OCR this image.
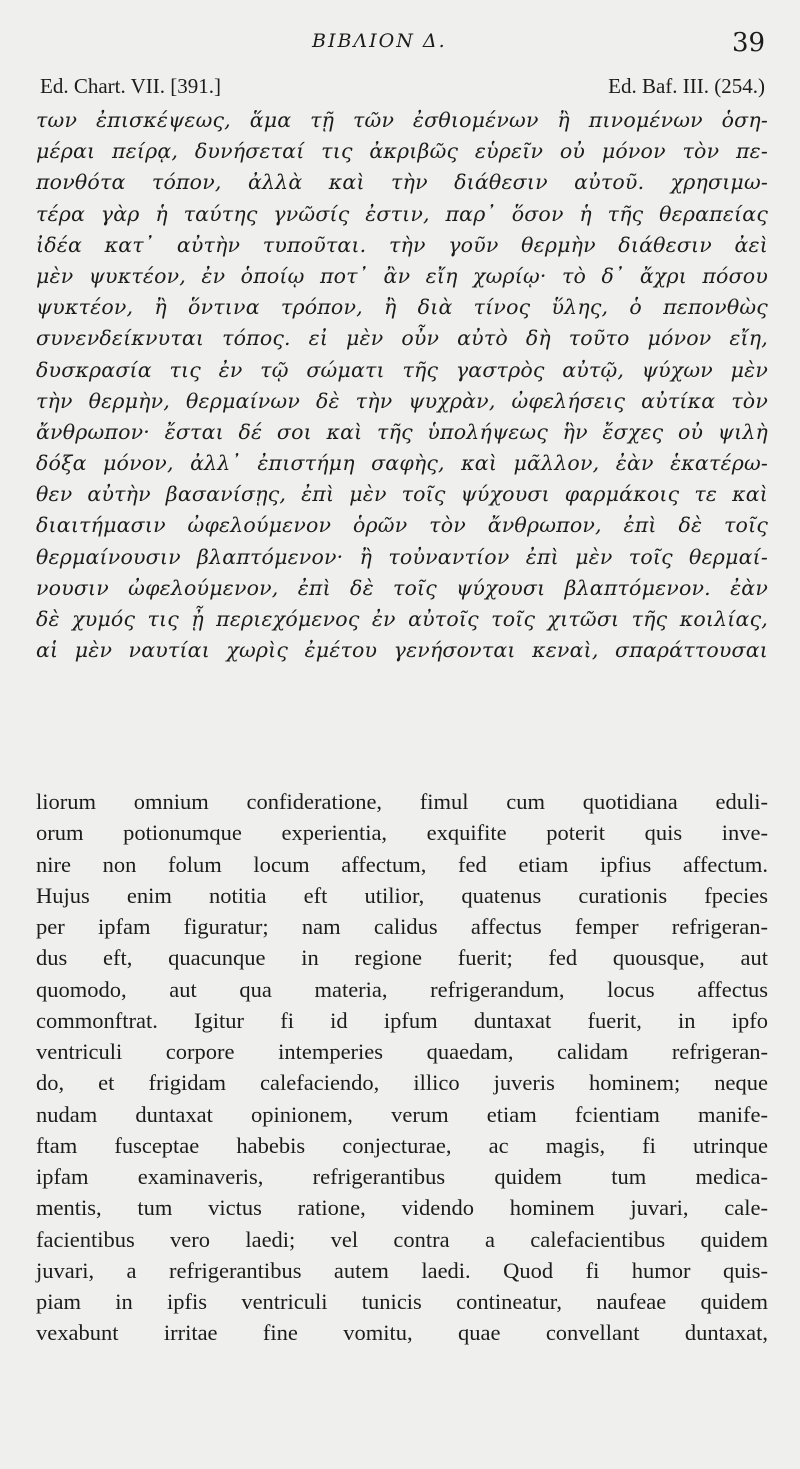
ΒΙΒΛΙΟΝ Δ.	39
Ed. Chart. VII. [391.]	Ed. Baf. III. (254.)
των ἐπισκέψεως, ἅμα τῇ τῶν ἐσθιομένων ἢ πινομένων ὁση-
μέραι πείρᾳ, δυνήσεταί τις ἀκριβῶς εὑρεῖν οὐ μόνον τὸν πε-
πονθότα τόπον, ἀλλὰ καὶ τὴν διάθεσιν αὐτοῦ. χρησιμω-
τέρα γὰρ ἡ ταύτης γνῶσίς ἐστιν, παρ᾽ ὅσον ἡ τῆς θεραπείας
ἰδέα κατ᾽ αὐτὴν τυποῦται. τὴν γοῦν θερμὴν διάθεσιν ἀεὶ
μὲν ψυκτέον, ἐν ὁποίῳ ποτ᾽ ἂν εἴη χωρίῳ· τὸ δ᾽ ἄχρι πόσου
ψυκτέον, ἢ ὅντινα τρόπον, ἢ διὰ τίνος ὕλης, ὁ πεπονθὼς
συνενδείκνυται τόπος. εἰ μὲν οὖν αὐτὸ δὴ τοῦτο μόνον εἴη,
δυσκρασία τις ἐν τῷ σώματι τῆς γαστρὸς αὐτῷ, ψύχων μὲν
τὴν θερμὴν, θερμαίνων δὲ τὴν ψυχρὰν, ὠφελήσεις αὐτίκα τὸν
ἄνθρωπον· ἔσται δέ σοι καὶ τῆς ὑπολήψεως ἣν ἔσχες οὐ ψιλὴ
δόξα μόνον, ἀλλ᾽ ἐπιστήμη σαφὴς, καὶ μᾶλλον, ἐὰν ἑκατέρω-
θεν αὐτὴν βασανίσῃς, ἐπὶ μὲν τοῖς ψύχουσι φαρμάκοις τε καὶ
διαιτήμασιν ὠφελούμενον ὁρῶν τὸν ἄνθρωπον, ἐπὶ δὲ τοῖς
θερμαίνουσιν βλαπτόμενον· ἢ τοὐναντίον ἐπὶ μὲν τοῖς θερμαί-
νουσιν ὠφελούμενον, ἐπὶ δὲ τοῖς ψύχουσι βλαπτόμενον. ἐὰν
δὲ χυμός τις ᾖ περιεχόμενος ἐν αὐτοῖς τοῖς χιτῶσι τῆς κοιλίας,
αἱ μὲν ναυτίαι χωρὶς ἐμέτου γενήσονται κεναὶ, σπαράττουσαι
liorum omnium confideratione, fimul cum quotidiana eduli-
orum potionumque experientia, exquifite poterit quis inve-
nire non folum locum affectum, fed etiam ipfius affectum.
Hujus enim notitia eft utilior, quatenus curationis fpecies
per ipfam figuratur; nam calidus affectus femper refrigeran-
dus eft, quacunque in regione fuerit; fed quousque, aut
quomodo, aut qua materia, refrigerandum, locus affectus
commonftrat. Igitur fi id ipfum duntaxat fuerit, in ipfo
ventriculi corpore intemperies quaedam, calidam refrigeran-
do, et frigidam calefaciendo, illico juveris hominem; neque
nudam duntaxat opinionem, verum etiam fcientiam manife-
ftam fusceptae habebis conjecturae, ac magis, fi utrinque
ipfam examinaveris, refrigerantibus quidem tum medica-
mentis, tum victus ratione, videndo hominem juvari, cale-
facientibus vero laedi; vel contra a calefacientibus quidem
juvari, a refrigerantibus autem laedi. Quod fi humor quis-
piam in ipfis ventriculi tunicis contineatur, naufeae quidem
vexabunt irritae fine vomitu, quae convellant duntaxat,
